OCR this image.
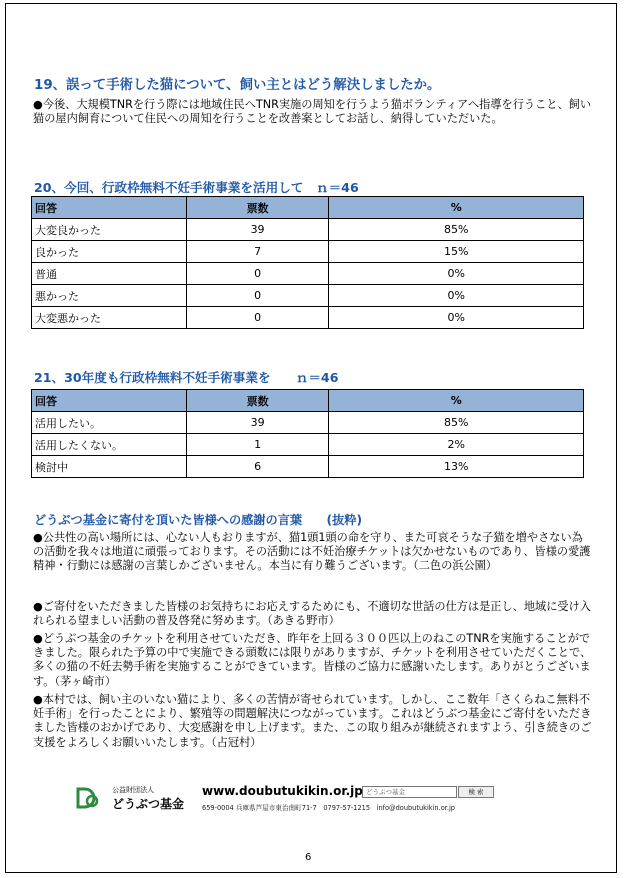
19、誤って手術した猫について、飼い主とはどう解決しましたか。

●今後、大規模TNRを行う際には地域住民へTNR実施の周知を行うよう猫ボランティアへ指導を行うこと、飼い猫の屋内飼育について住民への周知を行うことを改善案としてお話し、納得していただいた。

20、今回、行政枠無料不妊手術事業を活用して　ｎ＝46
回答	票数	%
大変良かった	39	85%
良かった	7	15%
普通	0	0%
悪かった	0	0%
大変悪かった	0	0%
21、30年度も行政枠無料不妊手術事業を　　ｎ＝46
回答	票数	%
活用したい。	39	85%
活用したくない。	1	2%
検討中	6	13%
どうぶつ基金に寄付を頂いた皆様への感謝の言葉　　(抜粋)

●公共性の高い場所には、心ない人もおりますが、猫1頭1頭の命を守り、また可哀そうな子猫を増やさない為の活動を我々は地道に頑張っております。その活動には不妊治療チケットは欠かせないものであり、皆様の愛護精神・行動には感謝の言葉しかございません。本当に有り難うございます。（二色の浜公園）

●ご寄付をいただきました皆様のお気持ちにお応えするためにも、不適切な世話の仕方は是正し、地域に受け入れられる望ましい活動の普及啓発に努めます。（あきる野市）

●どうぶつ基金のチケットを利用させていただき、昨年を上回る３００匹以上のねこのTNRを実施することができました。限られた予算の中で実施できる頭数には限りがありますが、チケットを利用させていただくことで、多くの猫の不妊去勢手術を実施することができています。皆様のご協力に感謝いたします。ありがとうございます。（茅ヶ崎市）

●本村では、飼い主のいない猫により、多くの苦情が寄せられています。しかし、ここ数年「さくらねこ無料不妊手術」を行ったことにより、繁殖等の問題解決につながっています。これはどうぶつ基金にご寄付をいただきました皆様のおかげであり、大変感謝を申し上げます。また、この取り組みが継続されますよう、引き続きのご支援をよろしくお願いいたします。（占冠村）

公益財団法人
どうぶつ基金
www.doubutukikin.or.jp どうぶつ基金	検 索
659-0004 兵庫県芦屋市東治南町71-7　0797-57-1215　info@doubutukikin.or.jp
6
